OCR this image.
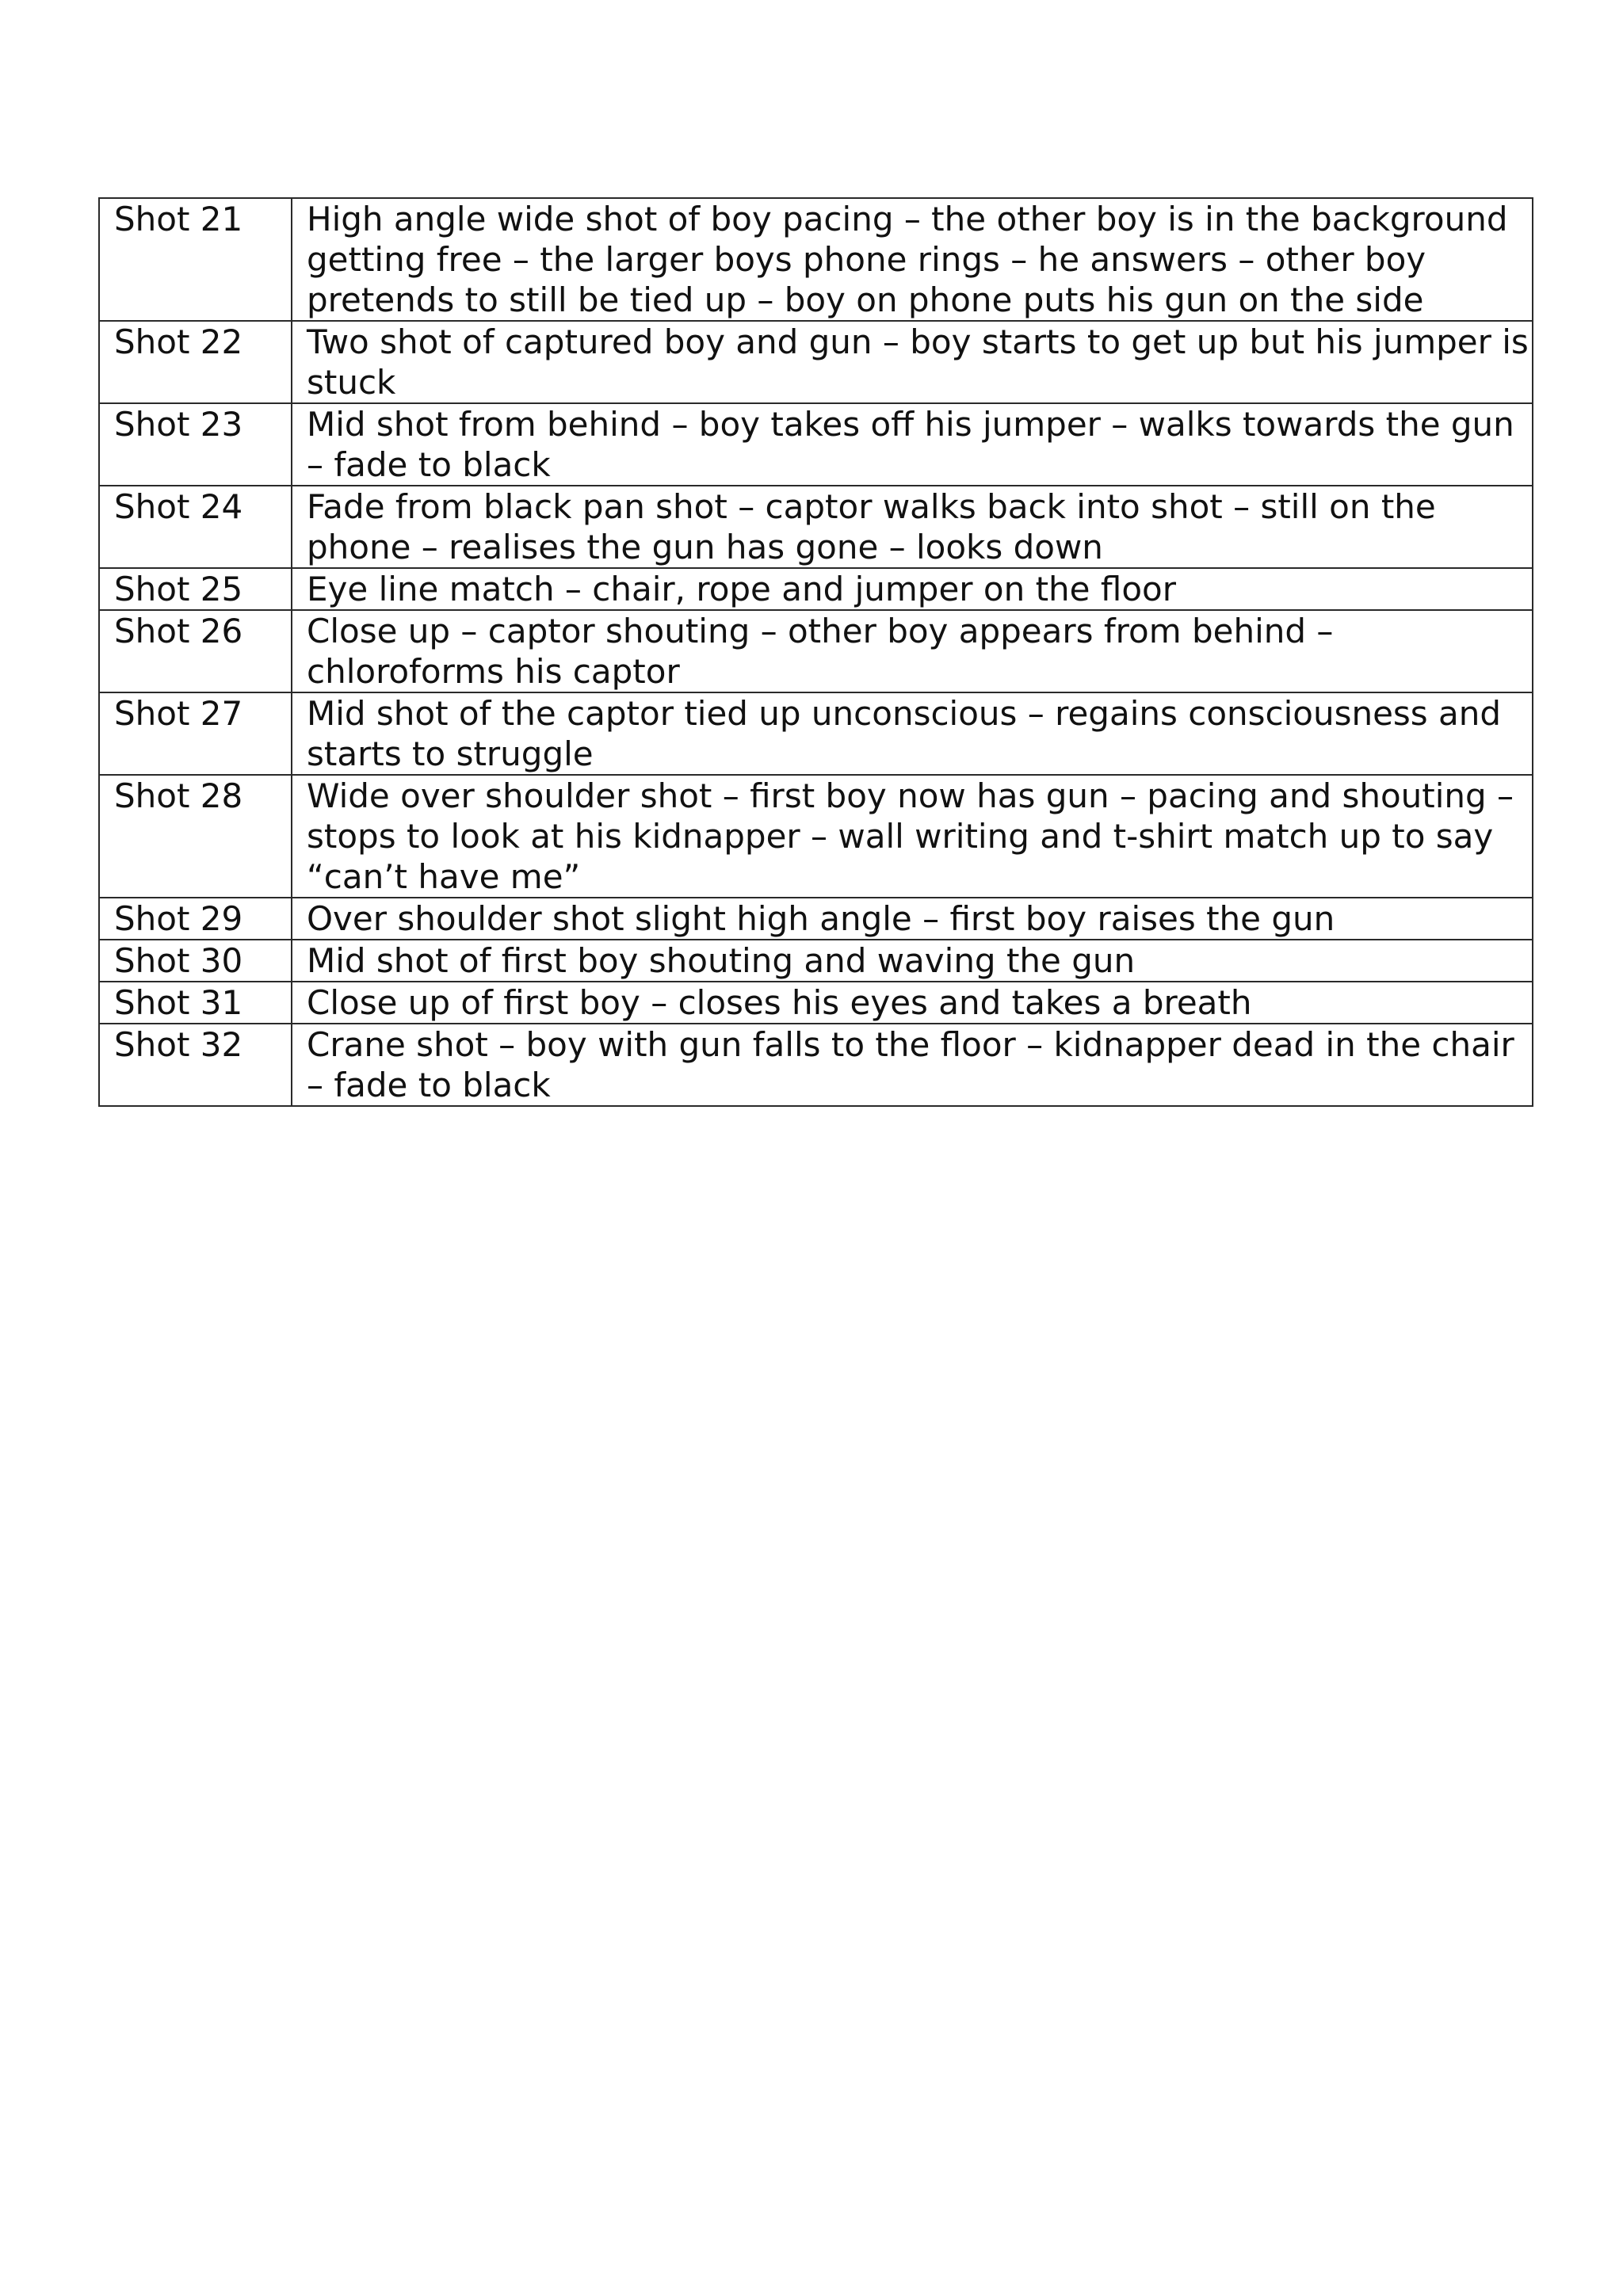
Shot 21	High angle wide shot of boy pacing – the other boy is in the background getting free – the larger boys phone rings – he answers – other boy pretends to still be tied up – boy on phone puts his gun on the side
Shot 22	Two shot of captured boy and gun – boy starts to get up but his jumper is stuck
Shot 23	Mid shot from behind – boy takes off his jumper – walks towards the gun – fade to black
Shot 24	Fade from black pan shot – captor walks back into shot – still on the phone – realises the gun has gone – looks down
Shot 25	Eye line match – chair, rope and jumper on the floor
Shot 26	Close up – captor shouting – other boy appears from behind – chloroforms his captor
Shot 27	Mid shot of the captor tied up unconscious – regains consciousness and starts to struggle
Shot 28	Wide over shoulder shot – first boy now has gun – pacing and shouting – stops to look at his kidnapper – wall writing and t-shirt match up to say “can’t have me”
Shot 29	Over shoulder shot slight high angle – first boy raises the gun
Shot 30	Mid shot of first boy shouting and waving the gun
Shot 31	Close up of first boy – closes his eyes and takes a breath
Shot 32	Crane shot – boy with gun falls to the floor – kidnapper dead in the chair – fade to black
